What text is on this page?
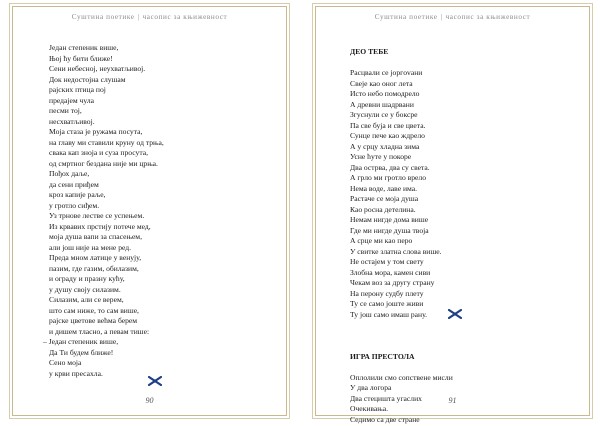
Суштина поетике | часопис за књижевност
Један степеник више,
Њој ћу бити ближе!
Сени небесној, неухватљивој.
Док недостојна слушам
рајских птица пој
предајем чула
песми тој,
несхватљивој.
Моја стаза је ружама посута,
на главу ми ставили круну од трња,
свака кап зноја и суза просута,
од смртног бездана ниjе ми црња.
Пођох даље,
да сени приђем
кроз капије раље,
у гротло сиђем.
Уз трнове лестве се успењем.
Из крвавих прстију потече мед,
моја душа вапи за спасењем,
али још није на мене ред.
Преда мном латице у венују,
пазим, где газим, обилазим,
и ограду и празну кућу,
у душу своју силазим.
Силазим, али се верем,
што сам ниже, то сам више,
рајске цветове већма берем
и дишем тласно, а певам тише:
– Један степеник више,
Да Ти будем ближе!
Сено моја
у крви пресахла.
90
Суштина поетике | часопис за књижевност
ДЕО ТЕБЕ
Расцвали се јоргovани
Свеје као оног лета
Исто небо помодрело
А древни шадрвани
Згуснули се у боксре
Па све бујa и све цвета.
Сунце пече као ждрело
А у срцу хладна зима
Усне ћуте у покоре
Два острва, два су света.
А грло ми гротло врело
Нема воде, лаве има.
Растаче се моја душа
Као росна детелина.
Немам нигде дома више
Где ми нигде душа твоја
А срце ми као перо
У свитке златна слова више.
Не остајем у том свету
Злобна мора, камен сиви
Чекам воз за другу страну
На перону судбу плету
Ту се само јоште живи
Ту још само имаш рану.
ИГРА ПРЕСТОЛА
Оплолили смо сопствене мисли
У два логора
Два стецишта угаслих
Очекивања.
Седимо са две стране
91
